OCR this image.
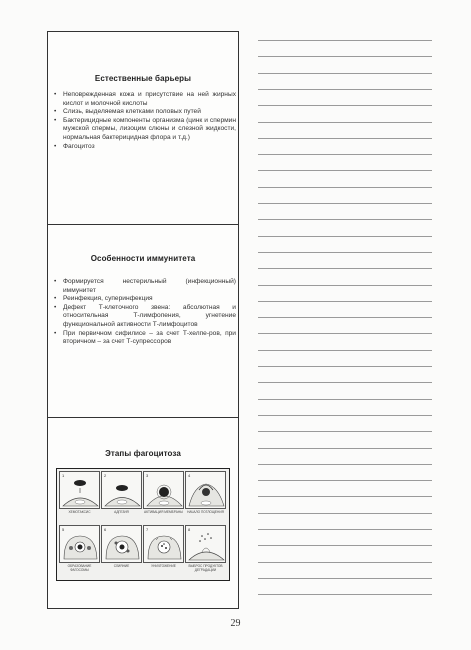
Естественные барьеры
• Неповрежденная кожа и присутствие на ней жирных кислот и молочной кислоты
• Слизь, выделяемая клетками половых путей
• Бактерицидные компоненты организма (цинк и спермин мужской спермы, лизоцим слюны и слезной жидкости, нормальная бактерицидная флора и т.д.)
• Фагоцитоз
Особенности иммунитета
• Формируется нестерильный (инфекционный) иммунитет
• Реинфекция, суперинфекция
• Дефект Т-клеточного звена: абсолютная и относительная Т-лимфопения, угнетение функциональной активности Т-лимфоцитов
• При первичном сифилисе – за счет Т-хелпе-ров, при вторичном – за счет Т-супрессоров
Этапы фагоцитоза
1
ХЕМОТАКСИС
2
АДГЕЗИЯ
3
АКТИВАЦИЯ МЕМБРАНЫ
4
НАЧАЛО ПОГЛОЩЕНИЯ
5
ОБРАЗОВАНИЕ ФАГОСОМЫ
6
СЛИЯНИЕ
7
УНИЧТОЖЕНИЕ
8
ВЫБРОС ПРОДУКТОВ ДЕГРАДАЦИИ
29
